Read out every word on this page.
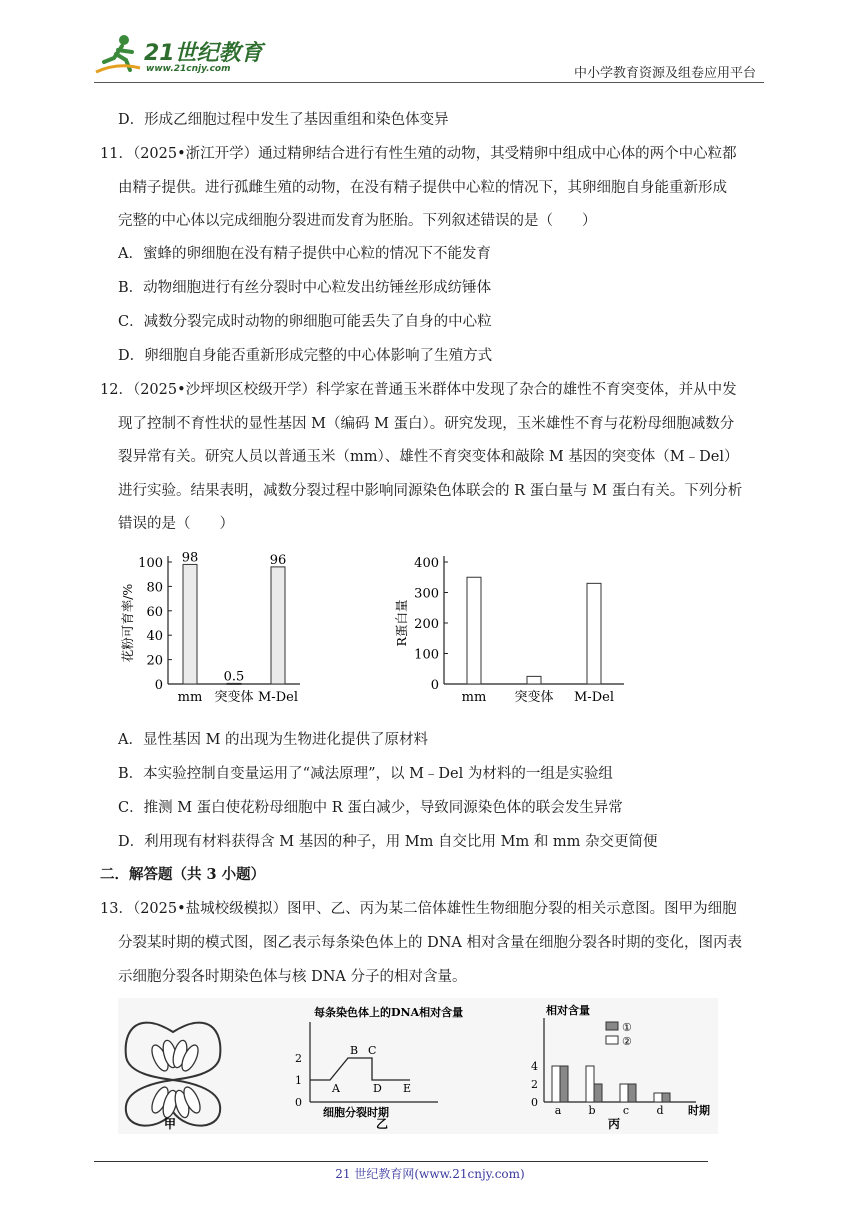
21世纪教育
www.21cnjy.com	中小学教育资源及组卷应用平台
D．形成乙细胞过程中发生了基因重组和染色体变异
11．（2025•浙江开学）通过精卵结合进行有性生殖的动物，其受精卵中组成中心体的两个中心粒都
由精子提供。进行孤雌生殖的动物，在没有精子提供中心粒的情况下，其卵细胞自身能重新形成
完整的中心体以完成细胞分裂进而发育为胚胎。下列叙述错误的是（　　）
A．蜜蜂的卵细胞在没有精子提供中心粒的情况下不能发育
B．动物细胞进行有丝分裂时中心粒发出纺锤丝形成纺锤体
C．减数分裂完成时动物的卵细胞可能丢失了自身的中心粒
D．卵细胞自身能否重新形成完整的中心体影响了生殖方式
12．（2025•沙坪坝区校级开学）科学家在普通玉米群体中发现了杂合的雄性不育突变体，并从中发
现了控制不育性状的显性基因 M（编码 M 蛋白）。研究发现，玉米雄性不育与花粉母细胞减数分
裂异常有关。研究人员以普通玉米（mm）、雄性不育突变体和敲除 M 基因的突变体（M﹣Del）
进行实验。结果表明，减数分裂过程中影响同源染色体联会的 R 蛋白量与 M 蛋白有关。下列分析
错误的是（　　）
0
20
40
60
80
100
mm
98
突变体
0.5
M-Del
96
花粉可育率/%
0
100
200
300
400
mm 突变体 M-Del
R蛋白量
A．显性基因 M 的出现为生物进化提供了原材料
B．本实验控制自变量运用了“减法原理”，以 M﹣Del 为材料的一组是实验组
C．推测 M 蛋白使花粉母细胞中 R 蛋白减少，导致同源染色体的联会发生异常
D．利用现有材料获得含 M 基因的种子，用 Mm 自交比用 Mm 和 mm 杂交更简便
二．解答题（共 3 小题）
13．（2025•盐城校级模拟）图甲、乙、丙为某二倍体雄性生物细胞分裂的相关示意图。图甲为细胞
分裂某时期的模式图，图乙表示每条染色体上的 DNA 相对含量在细胞分裂各时期的变化，图丙表
示细胞分裂各时期染色体与核 DNA 分子的相对含量。
甲
每条染色体上的DNA相对含量
0
1
2
A
B C
D E
细胞分裂时期
乙
相对含量
0
2
4
①
②
a b c d 时期
丙
21 世纪教育网(www.21cnjy.com)
